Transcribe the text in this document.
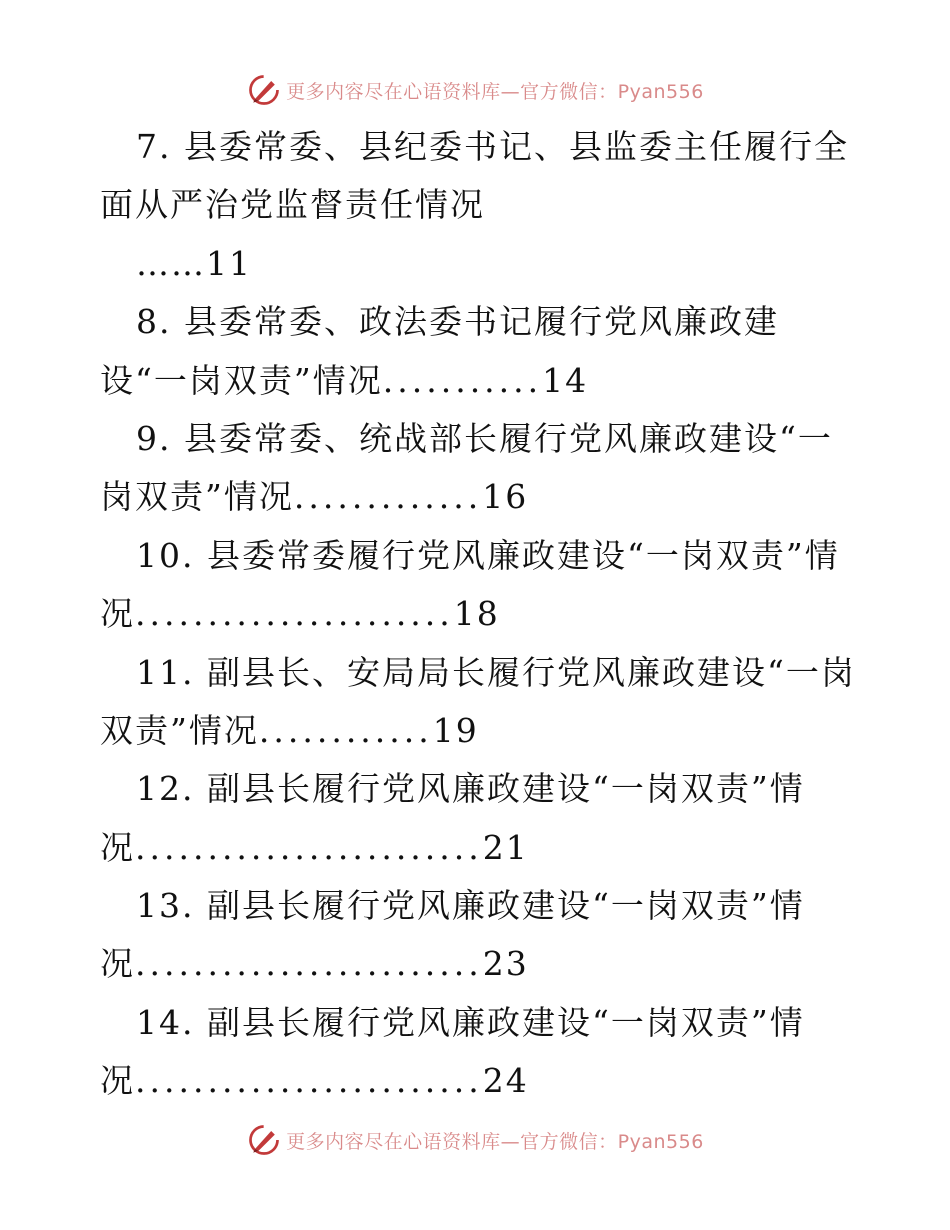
更多内容尽在心语资料库—官方微信：Pyan556
7. 县委常委、县纪委书记、县监委主任履行全
面从严治党监督责任情况
……11
8. 县委常委、政法委书记履行党风廉政建
设“一岗双责”情况...........14
9. 县委常委、统战部长履行党风廉政建设“一
岗双责”情况.............16
10. 县委常委履行党风廉政建设“一岗双责”情
况......................18
11. 副县长、安局局长履行党风廉政建设“一岗
双责”情况............19
12. 副县长履行党风廉政建设“一岗双责”情
况........................21
13. 副县长履行党风廉政建设“一岗双责”情
况........................23
14. 副县长履行党风廉政建设“一岗双责”情
况........................24
更多内容尽在心语资料库—官方微信：Pyan556
